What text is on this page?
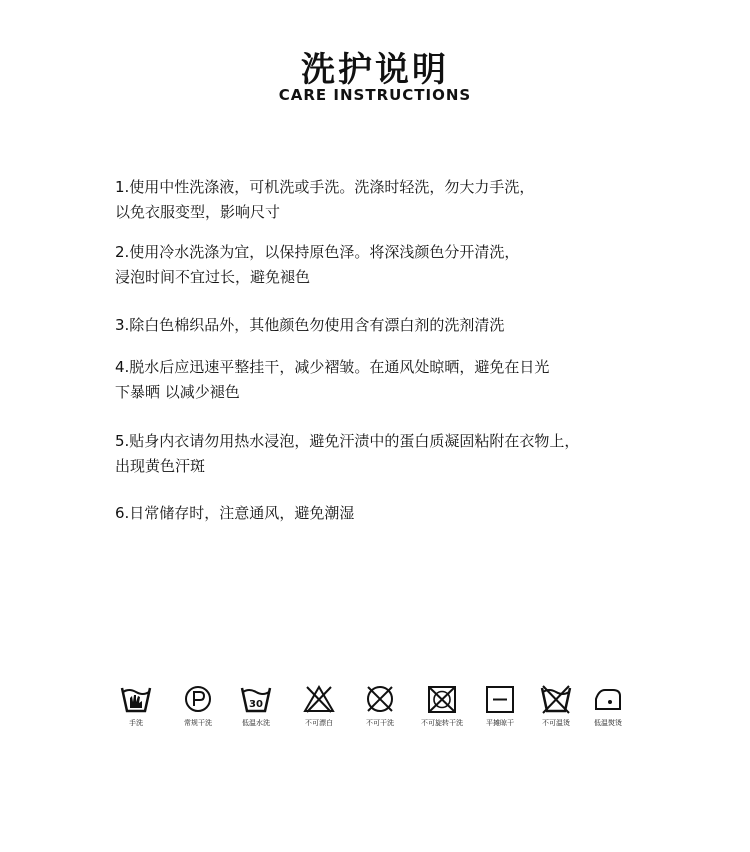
洗护说明
CARE INSTRUCTIONS
1.使用中性洗涤液，可机洗或手洗。洗涤时轻洗，勿大力手洗，
以免衣服变型，影响尺寸
2.使用冷水洗涤为宜，以保持原色泽。将深浅颜色分开清洗，
浸泡时间不宜过长，避免褪色
3.除白色棉织品外，其他颜色勿使用含有漂白剂的洗剂清洗
4.脱水后应迅速平整挂干，减少褶皱。在通风处晾晒，避免在日光
下暴晒 以减少褪色
5.贴身内衣请勿用热水浸泡，避免汗渍中的蛋白质凝固粘附在衣物上，
出现黄色汗斑
6.日常储存时，注意通风，避免潮湿
手洗	常规干洗
30
低温水洗	不可漂白	不可干洗	不可旋转干洗	平摊晾干	不可温烫	低温熨烫
